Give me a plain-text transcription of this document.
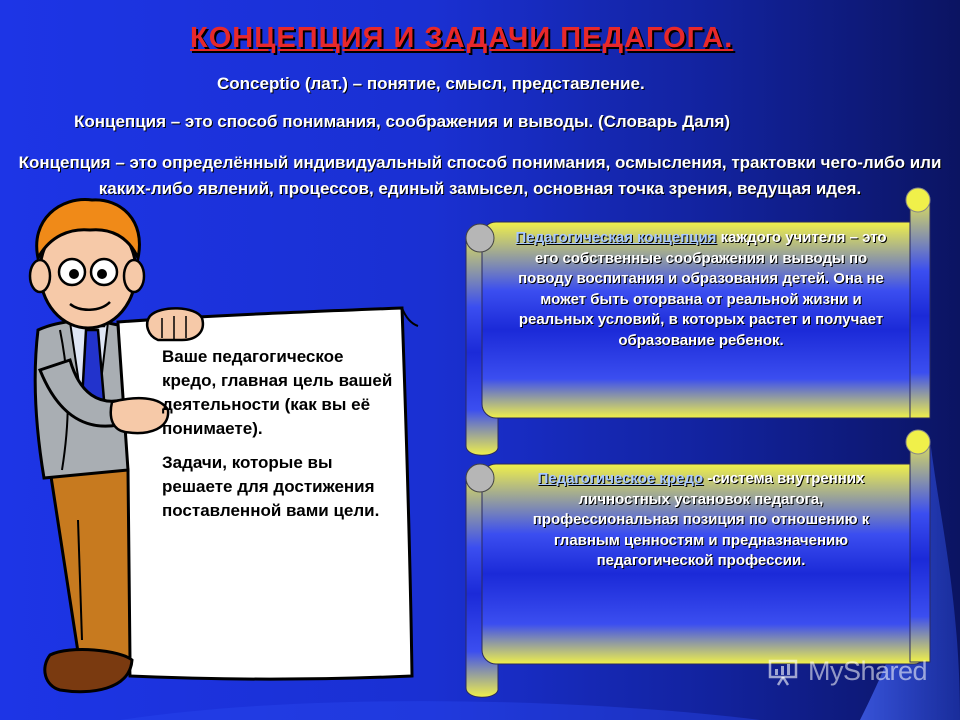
КОНЦЕПЦИЯ И ЗАДАЧИ ПЕДАГОГА.

Conceptio (лат.) – понятие, смысл, представление.

Концепция – это способ понимания, соображения и выводы. (Словарь Даля)

Концепция – это определённый индивидуальный способ понимания, осмысления, трактовки чего-либо или каких-либо явлений, процессов, единый замысел, основная точка зрения, ведущая идея.

Ваше педагогическое кредо, главная цель вашей деятельности (как вы её понимаете).

Задачи, которые вы решаете для достижения поставленной вами цели.

Педагогическая концепция каждого учителя – это его собственные соображения и выводы по поводу воспитания и образования детей. Она не может быть оторвана от реальной жизни и реальных условий, в которых растет и получает образование ребенок.
Педагогическое кредо -система внутренних личностных установок педагога, профессиональная позиция по отношению к главным ценностям и предназначению педагогической профессии.
MyShared
